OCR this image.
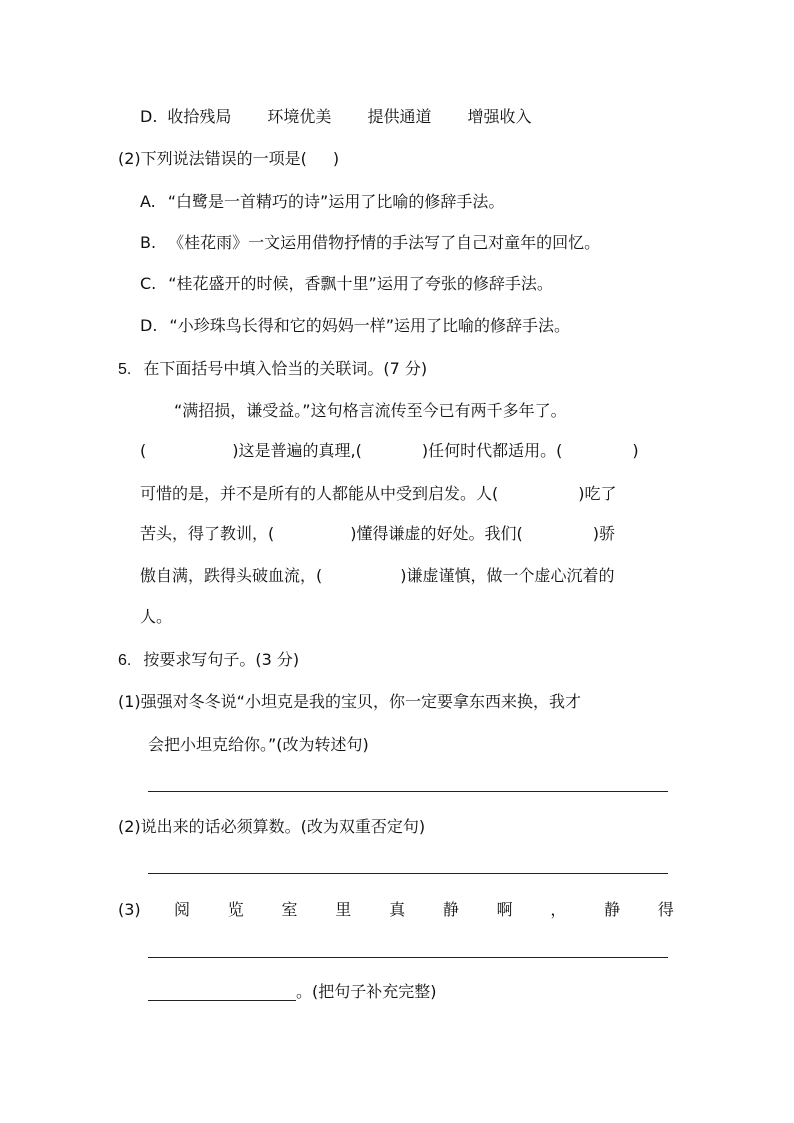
D. 收拾残局 环境优美 提供通道 增强收入
(2)下列说法错误的一项是( )
A. “白鹭是一首精巧的诗”运用了比喻的修辞手法。
B. 《桂花雨》一文运用借物抒情的手法写了自己对童年的回忆。
C. “桂花盛开的时候，香飘十里”运用了夸张的修辞手法。
D. “小珍珠鸟长得和它的妈妈一样”运用了比喻的修辞手法。
5. 在下面括号中填入恰当的关联词。(7 分)
“满招损，谦受益。”这句格言流传至今已有两千多年了。
(	)这是普遍的真理,(	)任何时代都适用。(	)
可惜的是，并不是所有的人都能从中受到启发。人(	)吃了
苦头，得了教训，(	)懂得谦虚的好处。我们(	)骄
傲自满，跌得头破血流，(	)谦虚谨慎，做一个虚心沉着的
人。
6. 按要求写句子。(3 分)
(1)强强对冬冬说“小坦克是我的宝贝，你一定要拿东西来换，我才
会把小坦克给你。”(改为转述句)
(2)说出来的话必须算数。(改为双重否定句)
(3) 阅 览 室 里 真 静 啊 ， 静 得
。(把句子补充完整)
